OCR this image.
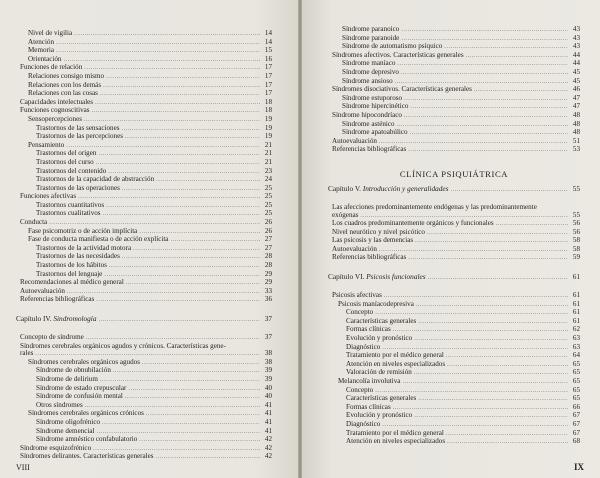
Nivel de vigilia .....	14
Atención .....	14
Memoria .....	15
Orientación .....	16
Funciones de relación .....	17
Relaciones consigo mismo .....	17
Relaciones con los demás .....	17
Relaciones con las cosas .....	17
Capacidades intelectuales .....	18
Funciones cognoscitivas .....	18
Sensopercepciones .....	19
Trastornos de las sensaciones .....	19
Trastornos de las percepciones .....	19
Pensamiento .....	21
Trastornos del origen .....	21
Trastornos del curso .....	21
Trastornos del contenido .....	23
Trastornos de la capacidad de abstracción .....	24
Trastornos de las operaciones .....	25
Funciones afectivas .....	25
Trastornos cuantitativos .....	25
Trastornos cualitativos .....	25
Conducta .....	26
Fase psicomotriz o de acción implícita .....	26
Fase de conducta manifiesta o de acción explícita .....	27
Trastornos de la actividad motora .....	27
Trastornos de las necesidades .....	28
Trastornos de los hábitos .....	28
Trastornos del lenguaje .....	29
Recomendaciones al médico general .....	29
Autoevaluación .....	33
Referencias bibliográficas .....	36
Capítulo IV. Sindromología .....	37
Concepto de síndrome .....	37
Síndromes cerebrales orgánicos agudos y crónicos. Características gene-
rales .....	38
Síndromes cerebrales orgánicos agudos .....	38
Síndrome de obnubilación .....	39
Síndrome de delirium .....	39
Síndrome de estado crepuscular .....	40
Síndrome de confusión mental .....	40
Otros síndromes .....	41
Síndromes cerebrales orgánicos crónicos .....	41
Síndrome oligofrénico .....	41
Síndrome demencial .....	41
Síndrome amnéstico confabulatorio .....	42
Síndrome esquizofrénico .....	42
Síndromes delirantes. Características generales .....	42
VIII
Síndrome paranoico .....	43
Síndrome paranoide .....	43
Síndrome de automatismo psíquico .....	43
Síndromes afectivos. Características generales .....	44
Síndrome maníaco .....	44
Síndrome depresivo .....	45
Síndrome ansioso .....	45
Síndromes disociativos. Características generales .....	46
Síndrome estuporoso .....	47
Síndrome hipercinético .....	47
Síndrome hipocondríaco .....	48
Síndrome asténico .....	48
Síndrome apatoabúlico .....	48
Autoevaluación .....	51
Referencias bibliográficas .....	53
CLÍNICA PSIQUIÁTRICA
Capítulo V. Introducción y generalidades .....	55
Las afecciones predominantemente endógenas y las predominantemente
exógenas .....	55
Los cuadros predominantemente orgánicos y funcionales .....	56
Nivel neurótico y nivel psicótico .....	56
Las psicosis y las demencias .....	58
Autoevaluación .....	58
Referencias bibliográficas .....	59
Capítulo VI. Psicosis funcionales .....	61
Psicosis afectivas .....	61
Psicosis maníacodepresiva .....	61
Concepto .....	61
Características generales .....	61
Formas clínicas .....	62
Evolución y pronóstico .....	63
Diagnóstico .....	63
Tratamiento por el médico general .....	64
Atención en niveles especializados .....	65
Valoración de remisión .....	65
Melancolía involutiva .....	65
Concepto .....	65
Características generales .....	65
Formas clínicas .....	66
Evolución y pronóstico .....	67
Diagnóstico .....	67
Tratamiento por el médico general .....	67
Atención en niveles especializados .....	68
IX
